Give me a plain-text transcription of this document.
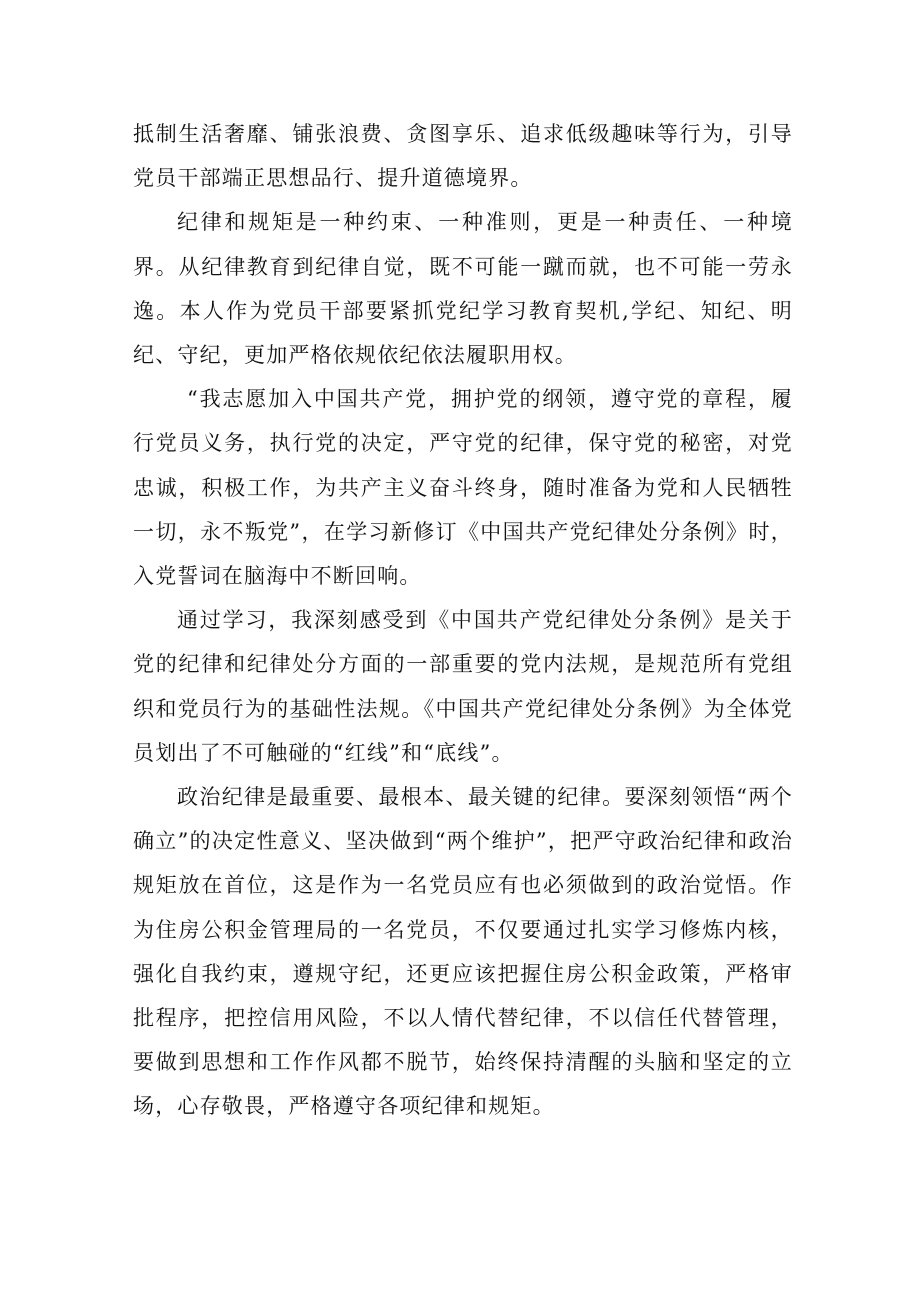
抵制生活奢靡、铺张浪费、贪图享乐、追求低级趣味等行为，引导党员干部端正思想品行、提升道德境界。

纪律和规矩是一种约束、一种准则，更是一种责任、一种境界。从纪律教育到纪律自觉，既不可能一蹴而就，也不可能一劳永逸。本人作为党员干部要紧抓党纪学习教育契机,学纪、知纪、明纪、守纪，更加严格依规依纪依法履职用权。

“我志愿加入中国共产党，拥护党的纲领，遵守党的章程，履行党员义务，执行党的决定，严守党的纪律，保守党的秘密，对党忠诚，积极工作，为共产主义奋斗终身，随时准备为党和人民牺牲一切，永不叛党”，在学习新修订《中国共产党纪律处分条例》时，入党誓词在脑海中不断回响。

通过学习，我深刻感受到《中国共产党纪律处分条例》是关于党的纪律和纪律处分方面的一部重要的党内法规，是规范所有党组织和党员行为的基础性法规。《中国共产党纪律处分条例》为全体党员划出了不可触碰的“红线”和“底线”。

政治纪律是最重要、最根本、最关键的纪律。要深刻领悟“两个确立”的决定性意义、坚决做到“两个维护”，把严守政治纪律和政治规矩放在首位，这是作为一名党员应有也必须做到的政治觉悟。作为住房公积金管理局的一名党员，不仅要通过扎实学习修炼内核，强化自我约束，遵规守纪，还更应该把握住房公积金政策，严格审批程序，把控信用风险，不以人情代替纪律，不以信任代替管理，要做到思想和工作作风都不脱节，始终保持清醒的头脑和坚定的立场，心存敬畏，严格遵守各项纪律和规矩。
